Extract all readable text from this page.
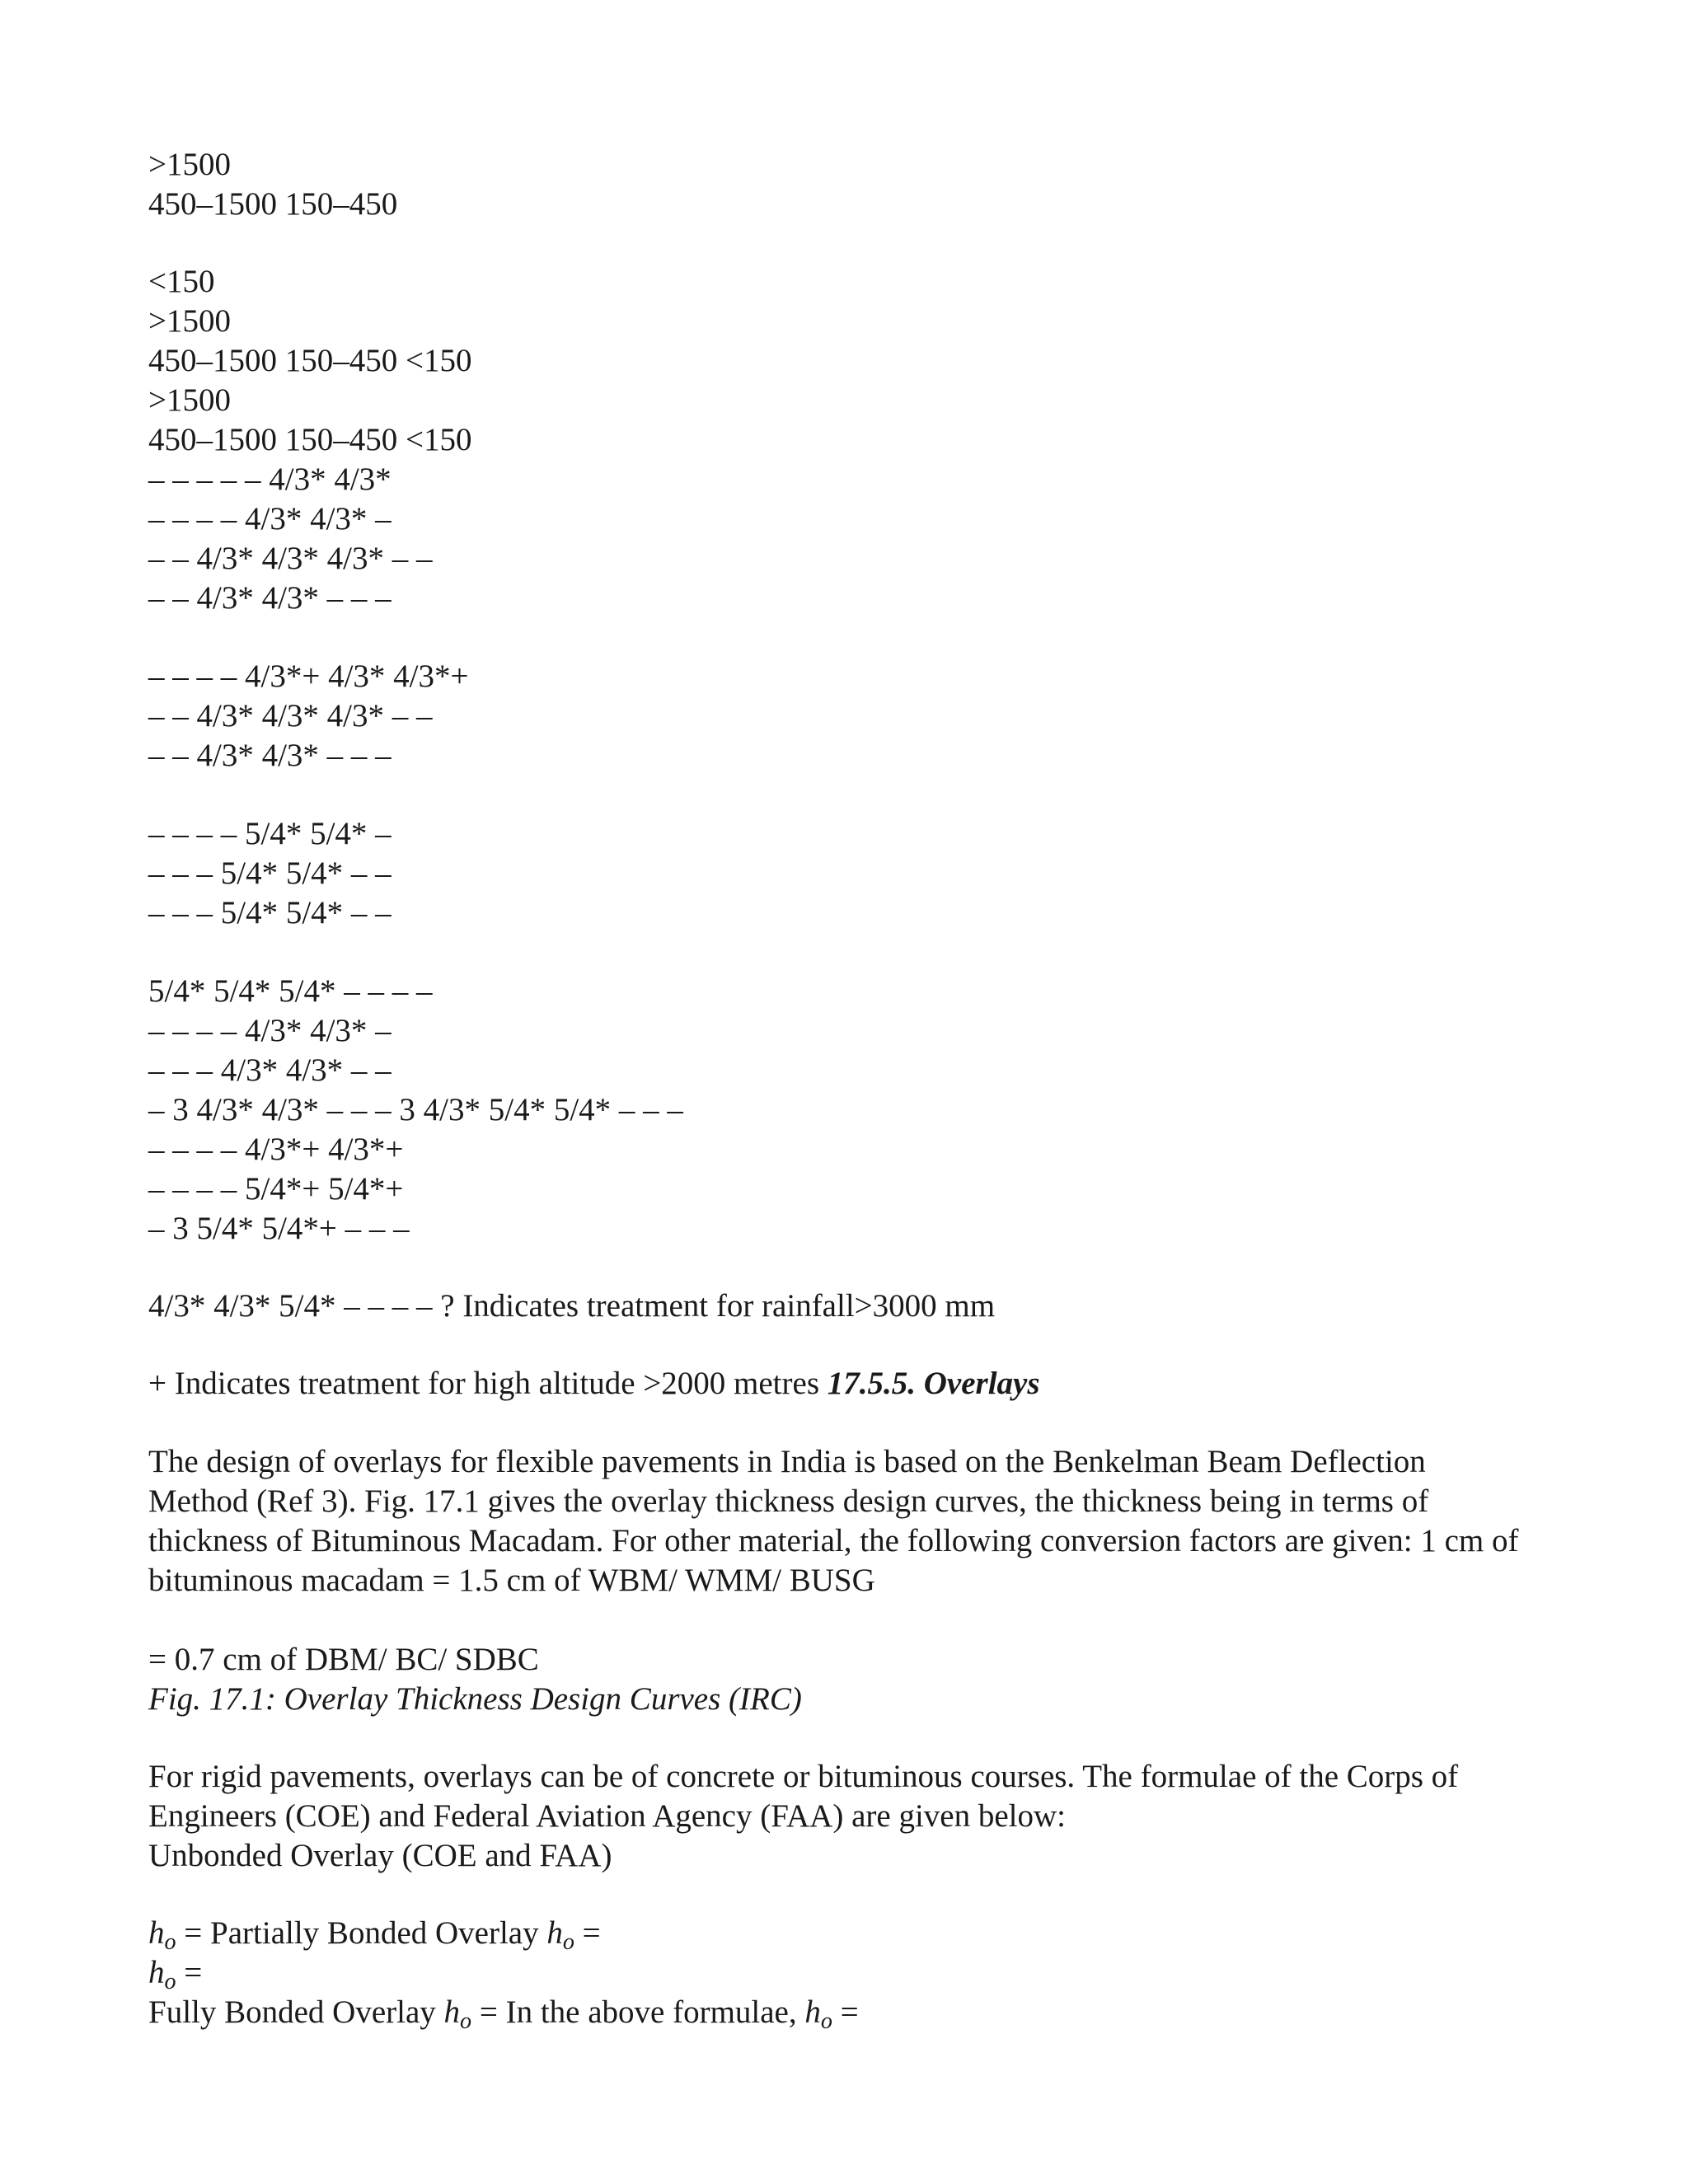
>1500

450–1500 150–450

<150

>1500

450–1500 150–450 <150

>1500

450–1500 150–450 <150

– – – – – 4/3* 4/3*

– – – – 4/3* 4/3* –

– – 4/3* 4/3* 4/3* – –

– – 4/3* 4/3* – – –

– – – – 4/3*+ 4/3* 4/3*+

– – 4/3* 4/3* 4/3* – –

– – 4/3* 4/3* – – –

– – – – 5/4* 5/4* –

– – – 5/4* 5/4* – –

– – – 5/4* 5/4* – –

5/4* 5/4* 5/4* – – – –

– – – – 4/3* 4/3* –

– – – 4/3* 4/3* – –

– 3 4/3* 4/3* – – – 3 4/3* 5/4* 5/4* – – –

– – – – 4/3*+ 4/3*+

– – – – 5/4*+ 5/4*+

– 3 5/4* 5/4*+ – – –

4/3* 4/3* 5/4* – – – – ? Indicates treatment for rainfall>3000 mm

+ Indicates treatment for high altitude >2000 metres 17.5.5. Overlays

The design of overlays for flexible pavements in India is based on the Benkelman Beam Deflection Method (Ref 3). Fig. 17.1 gives the overlay thickness design curves, the thickness being in terms of thickness of Bituminous Macadam. For other material, the following conversion factors are given: 1 cm of bituminous macadam = 1.5 cm of WBM/ WMM/ BUSG

= 0.7 cm of DBM/ BC/ SDBC

Fig. 17.1: Overlay Thickness Design Curves (IRC)

For rigid pavements, overlays can be of concrete or bituminous courses. The formulae of the Corps of Engineers (COE) and Federal Aviation Agency (FAA) are given below:

Unbonded Overlay (COE and FAA)

$h_o$ = Partially Bonded Overlay $h_o$ =

$h_o$ =

Fully Bonded Overlay $h_o = In$ the above formulae, $h_o$ =
